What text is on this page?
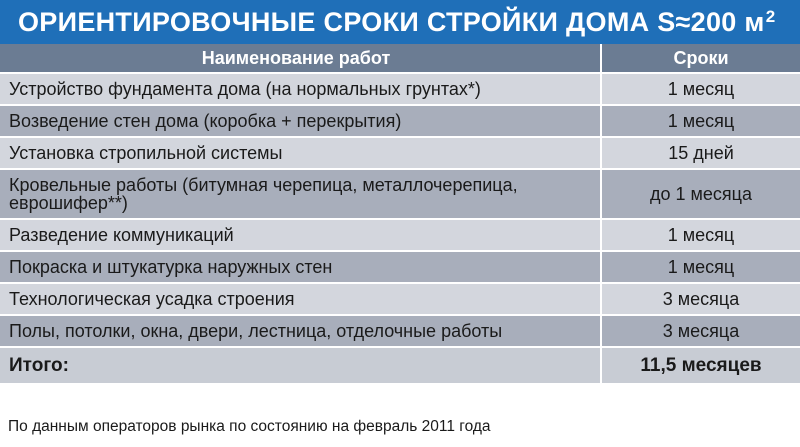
ОРИЕНТИРОВОЧНЫЕ СРОКИ СТРОЙКИ ДОМА S≈200 $м^2$
Наименование работ	Сроки
Устройство фундамента дома (на нормальных грунтах*)	1 месяц
Возведение стен дома (коробка + перекрытия)	1 месяц
Установка стропильной системы	15 дней
Кровельные работы (битумная черепица, металлочерепица, еврошифер**)	до 1 месяца
Разведение коммуникаций	1 месяц
Покраска и штукатурка наружных стен	1 месяц
Технологическая усадка строения	3 месяца
Полы, потолки, окна, двери, лестница, отделочные работы	3 месяца
Итого:	11,5 месяцев
По данным операторов рынка по состоянию на февраль 2011 года
